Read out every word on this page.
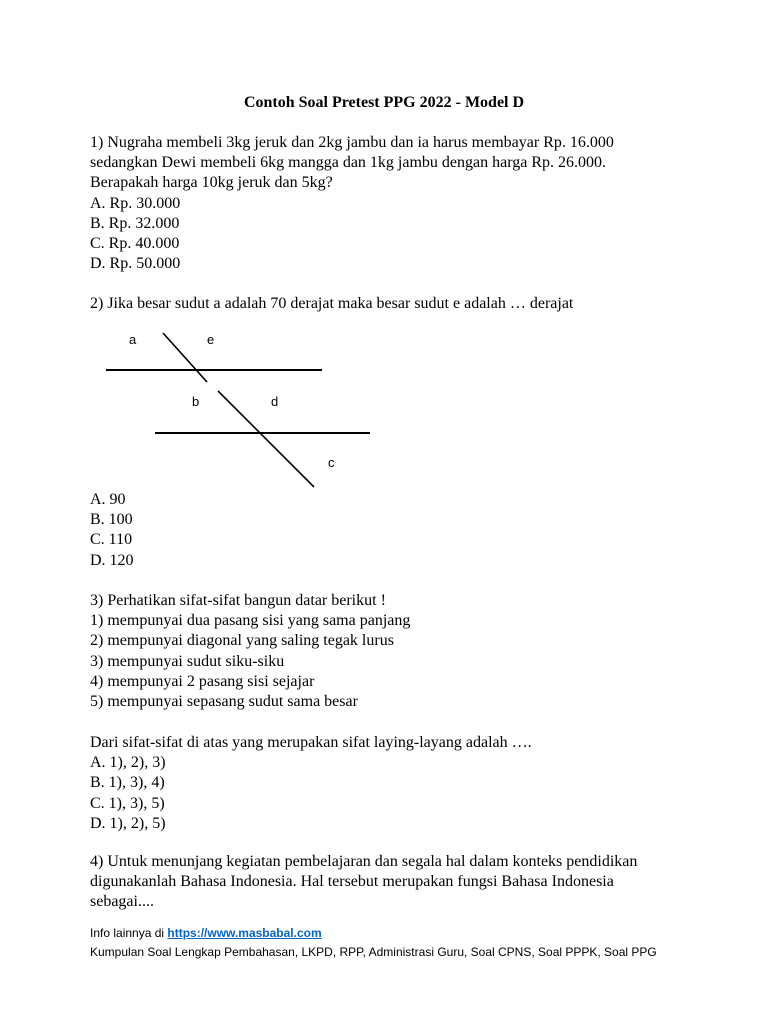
Contoh Soal Pretest PPG 2022 - Model D
1) Nugraha membeli 3kg jeruk dan 2kg jambu dan ia harus membayar Rp. 16.000
sedangkan Dewi membeli 6kg mangga dan 1kg jambu dengan harga Rp. 26.000.
Berapakah harga 10kg jeruk dan 5kg?
A. Rp. 30.000
B. Rp. 32.000
C. Rp. 40.000
D. Rp. 50.000
2) Jika besar sudut a adalah 70 derajat maka besar sudut e adalah … derajat
a	e
b	d
c
A. 90
B. 100
C. 110
D. 120
3) Perhatikan sifat-sifat bangun datar berikut !
1) mempunyai dua pasang sisi yang sama panjang
2) mempunyai diagonal yang saling tegak lurus
3) mempunyai sudut siku-siku
4) mempunyai 2 pasang sisi sejajar
5) mempunyai sepasang sudut sama besar
Dari sifat-sifat di atas yang merupakan sifat laying-layang adalah ….
A. 1), 2), 3)
B. 1), 3), 4)
C. 1), 3), 5)
D. 1), 2), 5)
4) Untuk menunjang kegiatan pembelajaran dan segala hal dalam konteks pendidikan
digunakanlah Bahasa Indonesia. Hal tersebut merupakan fungsi Bahasa Indonesia
sebagai....
Info lainnya di https://www.masbabal.com
Kumpulan Soal Lengkap Pembahasan, LKPD, RPP, Administrasi Guru, Soal CPNS, Soal PPPK, Soal PPG
